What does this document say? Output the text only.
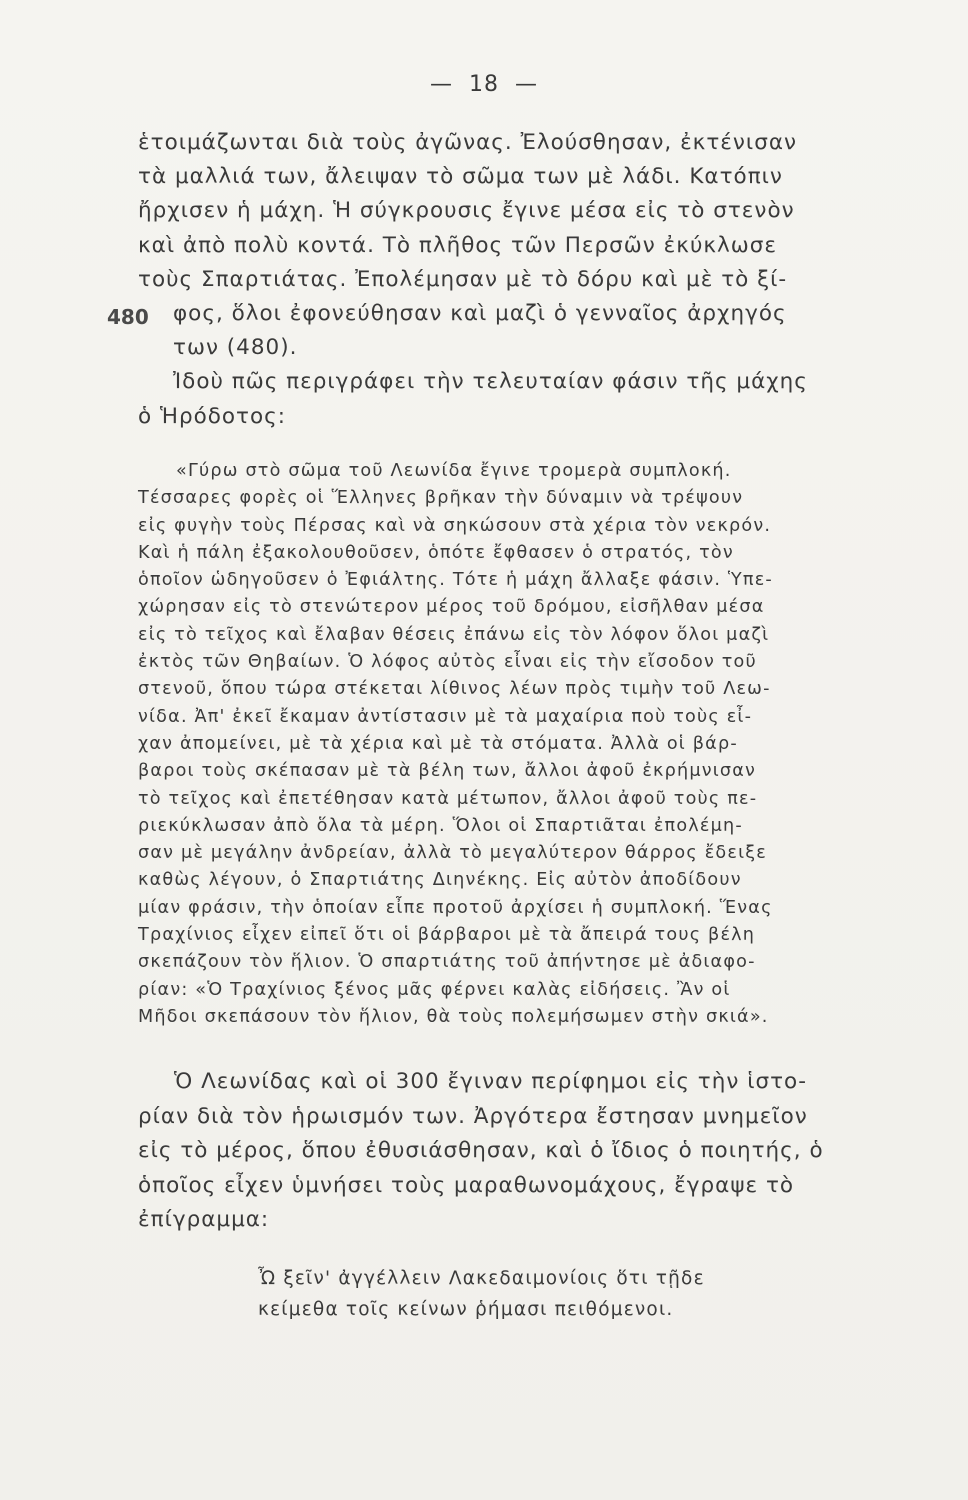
— 18 —
480
ἑτοιμάζωνται διὰ τοὺς ἀγῶνας. Ἐλούσθησαν, ἐκτένισαν
τὰ μαλλιά των, ἄλειψαν τὸ σῶμα των μὲ λάδι. Κατόπιν
ἤρχισεν ἡ μάχη. Ἡ σύγκρουσις ἔγινε μέσα εἰς τὸ στενὸν
καὶ ἀπὸ πολὺ κοντά. Τὸ πλῆθος τῶν Περσῶν ἐκύκλωσε
τοὺς Σπαρτιάτας. Ἐπολέμησαν μὲ τὸ δόρυ καὶ μὲ τὸ ξί-
φος, ὅλοι ἐφονεύθησαν καὶ μαζὶ ὁ γενναῖος ἀρχηγός
των (480).
Ἰδοὺ πῶς περιγράφει τὴν τελευταίαν φάσιν τῆς μάχης
ὁ Ἡρόδοτος:
«Γύρω στὸ σῶμα τοῦ Λεωνίδα ἔγινε τρομερὰ συμπλοκή.
Τέσσαρες φορὲς οἱ Ἕλληνες βρῆκαν τὴν δύναμιν νὰ τρέψουν
εἰς φυγὴν τοὺς Πέρσας καὶ νὰ σηκώσουν στὰ χέρια τὸν νεκρόν.
Καὶ ἡ πάλη ἐξακολουθοῦσεν, ὁπότε ἔφθασεν ὁ στρατός, τὸν
ὁποῖον ὡδηγοῦσεν ὁ Ἐφιάλτης. Τότε ἡ μάχη ἄλλαξε φάσιν. Ὑπε-
χώρησαν εἰς τὸ στενώτερον μέρος τοῦ δρόμου, εἰσῆλθαν μέσα
εἰς τὸ τεῖχος καὶ ἔλαβαν θέσεις ἐπάνω εἰς τὸν λόφον ὅλοι μαζὶ
ἐκτὸς τῶν Θηβαίων. Ὁ λόφος αὐτὸς εἶναι εἰς τὴν εἴσοδον τοῦ
στενοῦ, ὅπου τώρα στέκεται λίθινος λέων πρὸς τιμὴν τοῦ Λεω-
νίδα. Ἀπ' ἐκεῖ ἔκαμαν ἀντίστασιν μὲ τὰ μαχαίρια ποὺ τοὺς εἶ-
χαν ἀπομείνει, μὲ τὰ χέρια καὶ μὲ τὰ στόματα. Ἀλλὰ οἱ βάρ-
βαροι τοὺς σκέπασαν μὲ τὰ βέλη των, ἄλλοι ἀφοῦ ἐκρήμνισαν
τὸ τεῖχος καὶ ἐπετέθησαν κατὰ μέτωπον, ἄλλοι ἀφοῦ τοὺς πε-
ριεκύκλωσαν ἀπὸ ὅλα τὰ μέρη. Ὅλοι οἱ Σπαρτιᾶται ἐπολέμη-
σαν μὲ μεγάλην ἀνδρείαν, ἀλλὰ τὸ μεγαλύτερον θάρρος ἔδειξε
καθὼς λέγουν, ὁ Σπαρτιάτης Διηνέκης. Εἰς αὐτὸν ἀποδίδουν
μίαν φράσιν, τὴν ὁποίαν εἶπε προτοῦ ἀρχίσει ἡ συμπλοκή. Ἕνας
Τραχίνιος εἶχεν εἰπεῖ ὅτι οἱ βάρβαροι μὲ τὰ ἄπειρά τους βέλη
σκεπάζουν τὸν ἥλιον. Ὁ σπαρτιάτης τοῦ ἀπήντησε μὲ ἀδιαφο-
ρίαν: «Ὁ Τραχίνιος ξένος μᾶς φέρνει καλὰς εἰδήσεις. Ἂν οἱ
Μῆδοι σκεπάσουν τὸν ἥλιον, θὰ τοὺς πολεμήσωμεν στὴν σκιά».
Ὁ Λεωνίδας καὶ οἱ 300 ἔγιναν περίφημοι εἰς τὴν ἱστο-
ρίαν διὰ τὸν ἡρωισμόν των. Ἀργότερα ἔστησαν μνημεῖον
εἰς τὸ μέρος, ὅπου ἐθυσιάσθησαν, καὶ ὁ ἴδιος ὁ ποιητής, ὁ
ὁποῖος εἶχεν ὑμνήσει τοὺς μαραθωνομάχους, ἔγραψε τὸ
ἐπίγραμμα:
Ὦ ξεῖν' ἀγγέλλειν Λακεδαιμονίοις ὅτι τῇδε
κείμεθα τοῖς κείνων ῥήμασι πειθόμενοι.
